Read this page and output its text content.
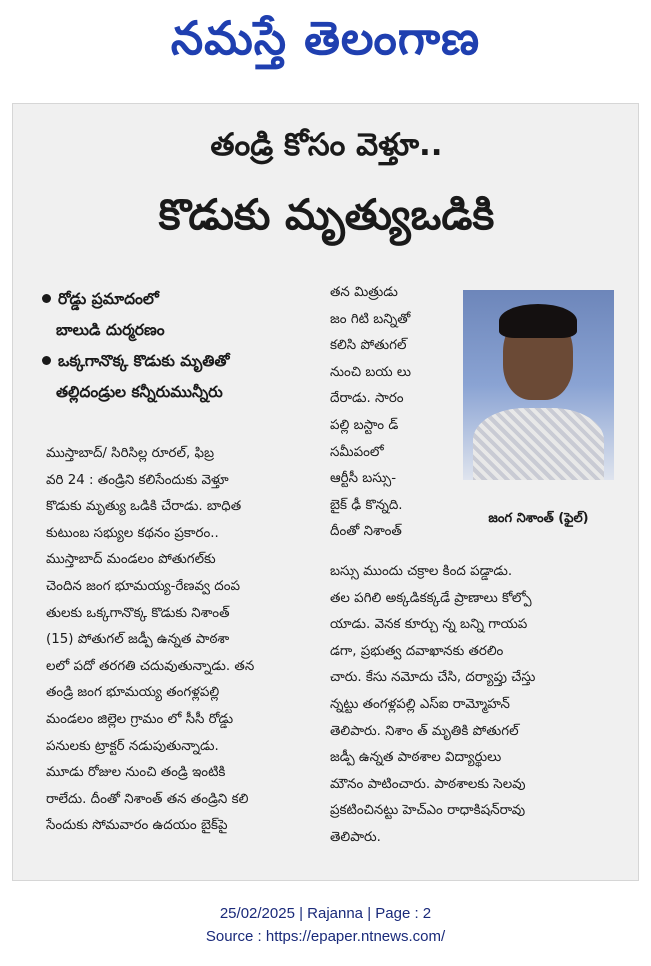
నమస్తే తెలంగాణ
తండ్రి కోసం వెళ్తూ..
కొడుకు మృత్యుఒడికి
రోడ్డు ప్రమాదంలో
బాలుడి దుర్మరణం
ఒక్కగానొక్క కొడుకు మృతితో
తల్లిదండ్రుల కన్నీరుమున్నీరు
ముస్తాబాద్/ సిరిసిల్ల రూరల్, ఫిబ్ర
వరి 24 : తండ్రిని కలిసేందుకు వెళ్తూ
కొడుకు మృత్యు ఒడికి చేరాడు. బాధిత
కుటుంబ సభ్యుల కథనం ప్రకారం..
ముస్తాబాద్ మండలం పోతుగల్‌కు
చెందిన జంగ భూమయ్య-రేణవ్వ దంప
తులకు ఒక్కగానొక్క కొడుకు నిశాంత్
(15) పోతుగల్ జడ్పీ ఉన్నత పాఠశా
లలో పదో తరగతి చదువుతున్నాడు. తన
తండ్రి జంగ భూమయ్య తంగళ్లపల్లి
మండలం జిల్లెల గ్రామం లో సీసీ రోడ్డు
పనులకు ట్రాక్టర్ నడుపుతున్నాడు.
మూడు రోజుల నుంచి తండ్రి ఇంటికి
రాలేదు. దీంతో నిశాంత్ తన తండ్రిని కలి
సేందుకు సోమవారం ఉదయం బైక్‌పై
తన మిత్రుడు
జం గిటి బన్నితో
కలిసి పోతుగల్
నుంచి బయ లు
దేరాడు. సారం
పల్లి బస్టాం డ్
సమీపంలో
ఆర్టీసీ బస్సు-
బైక్ ఢీ కొన్నది.
దీంతో నిశాంత్
జంగ నిశాంత్ (ఫైల్)
బస్సు ముందు చక్రాల కింద పడ్డాడు.
తల పగిలి అక్కడికక్కడే ప్రాణాలు కోల్పో
యాడు. వెనక కూర్చు న్న బన్ని గాయప
డగా, ప్రభుత్వ దవాఖానకు తరలిం
చారు. కేసు నమోదు చేసి, దర్యాప్తు చేస్తు
న్నట్టు తంగళ్లపల్లి ఎస్ఐ రామ్మోహన్
తెలిపారు. నిశాం త్ మృతికి పోతుగల్
జడ్పీ ఉన్నత పాఠశాల విద్యార్థులు
మౌనం పాటించారు. పాఠశాలకు సెలవు
ప్రకటించినట్టు హెచ్ఎం రాధాకిషన్‌రావు
తెలిపారు.
25/02/2025 | Rajanna | Page : 2
Source : https://epaper.ntnews.com/
